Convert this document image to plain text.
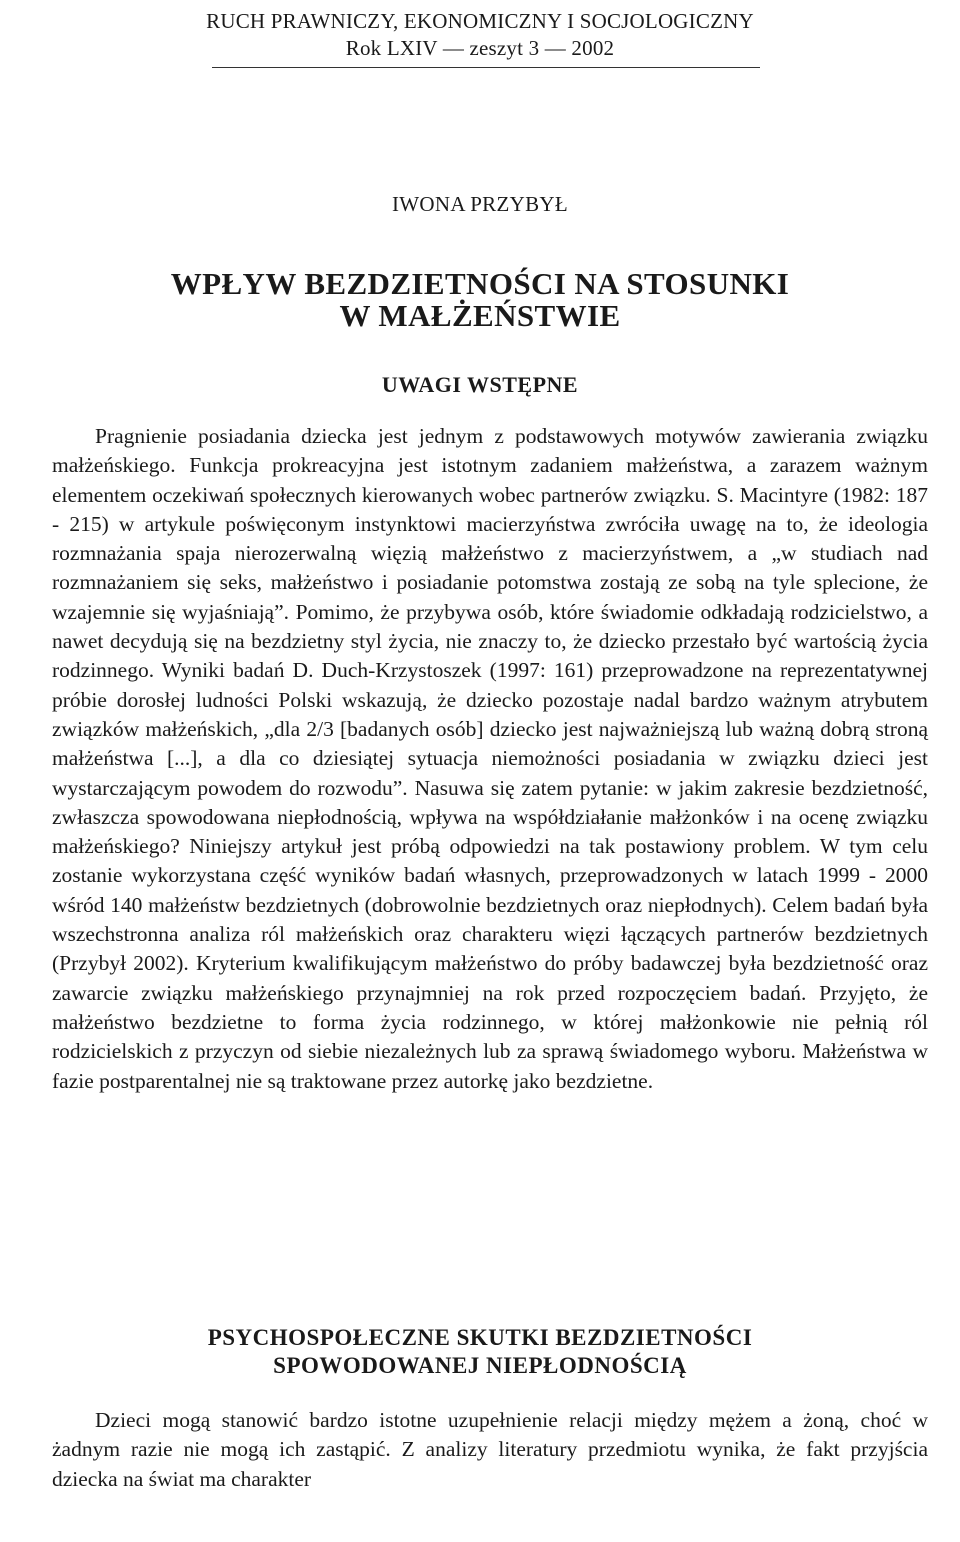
RUCH PRAWNICZY, EKONOMICZNY I SOCJOLOGICZNY
Rok LXIV — zeszyt 3 — 2002
IWONA PRZYBYŁ
WPŁYW BEZDZIETNOŚCI NA STOSUNKI
W MAŁŻEŃSTWIE
UWAGI WSTĘPNE

Pragnienie posiadania dziecka jest jednym z podstawowych motywów zawierania związku małżeńskiego. Funkcja prokreacyjna jest istotnym zadaniem małżeństwa, a zarazem ważnym elementem oczekiwań społecznych kierowanych wobec partnerów związku. S. Macintyre (1982: 187 - 215) w artykule poświęconym instynktowi macierzyństwa zwróciła uwagę na to, że ideologia rozmnażania spaja nierozerwalną więzią małżeństwo z macierzyństwem, a „w studiach nad rozmnażaniem się seks, małżeństwo i posiadanie potomstwa zostają ze sobą na tyle splecione, że wzajemnie się wyjaśniają”. Pomimo, że przybywa osób, które świadomie odkładają rodzicielstwo, a nawet decydują się na bezdzietny styl życia, nie znaczy to, że dziecko przestało być wartością życia rodzinnego. Wyniki badań D. Duch-Krzystoszek (1997: 161) przeprowadzone na reprezentatywnej próbie dorosłej ludności Polski wskazują, że dziecko pozostaje nadal bardzo ważnym atrybutem związków małżeńskich, „dla 2/3 [badanych osób] dziecko jest najważniejszą lub ważną dobrą stroną małżeństwa [...], a dla co dziesiątej sytuacja niemożności posiadania w związku dzieci jest wystarczającym powodem do rozwodu”. Nasuwa się zatem pytanie: w jakim zakresie bezdzietność, zwłaszcza spowodowana niepłodnością, wpływa na współdziałanie małżonków i na ocenę związku małżeńskiego? Niniejszy artykuł jest próbą odpowiedzi na tak postawiony problem. W tym celu zostanie wykorzystana część wyników badań własnych, przeprowadzonych w latach 1999 - 2000 wśród 140 małżeństw bezdzietnych (dobrowolnie bezdzietnych oraz niepłodnych). Celem badań była wszechstronna analiza ról małżeńskich oraz charakteru więzi łączących partnerów bezdzietnych (Przybył 2002). Kryterium kwalifikującym małżeństwo do próby badawczej była bezdzietność oraz zawarcie związku małżeńskiego przynajmniej na rok przed rozpoczęciem badań. Przyjęto, że małżeństwo bezdzietne to forma życia rodzinnego, w której małżonkowie nie pełnią ról rodzicielskich z przyczyn od siebie niezależnych lub za sprawą świadomego wyboru. Małżeństwa w fazie postparentalnej nie są traktowane przez autorkę jako bezdzietne.

PSYCHOSPOŁECZNE SKUTKI BEZDZIETNOŚCI
SPOWODOWANEJ NIEPŁODNOŚCIĄ

Dzieci mogą stanowić bardzo istotne uzupełnienie relacji między mężem a żoną, choć w żadnym razie nie mogą ich zastąpić. Z analizy literatury przedmiotu wynika, że fakt przyjścia dziecka na świat ma charakter
